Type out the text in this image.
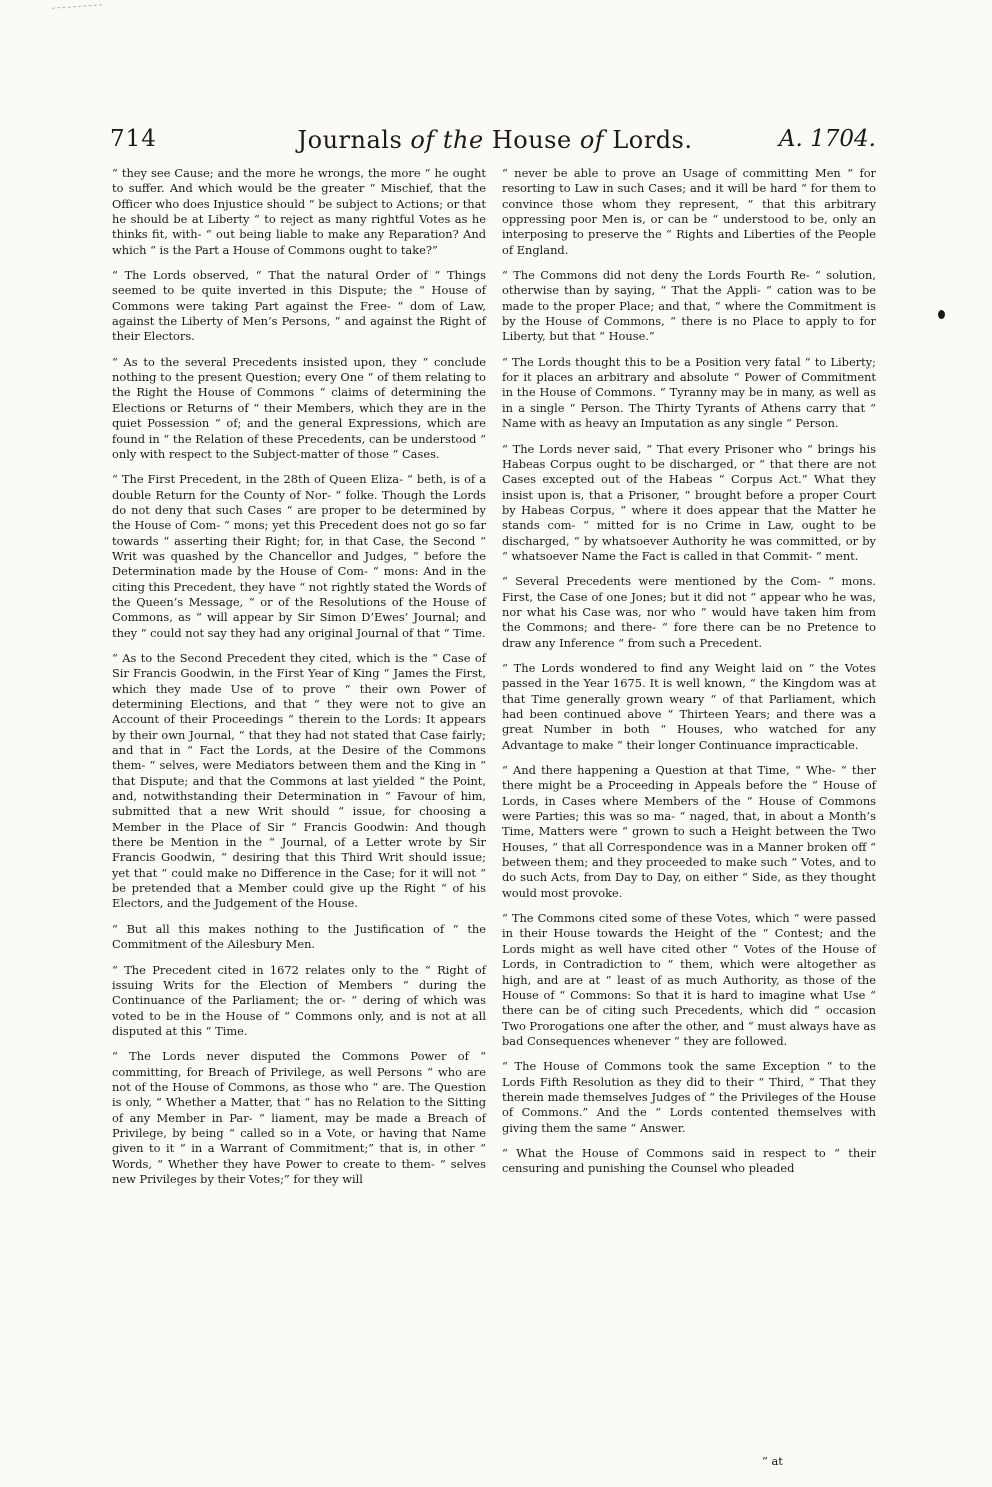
714	Journals of the House of Lords.	A. 1704.

“ they see Cause; and the more he wrongs, the more “ he ought to suffer. And which would be the greater “ Mischief, that the Officer who does Injustice should “ be subject to Actions; or that he should be at Liberty “ to reject as many rightful Votes as he thinks fit, with- “ out being liable to make any Reparation? And which “ is the Part a House of Commons ought to take?”

“ The Lords observed, “ That the natural Order of “ Things seemed to be quite inverted in this Dispute; the “ House of Commons were taking Part against the Free- “ dom of Law, against the Liberty of Men’s Persons, “ and against the Right of their Electors.

“ As to the several Precedents insisted upon, they “ conclude nothing to the present Question; every One “ of them relating to the Right the House of Commons “ claims of determining the Elections or Returns of “ their Members, which they are in the quiet Possession “ of; and the general Expressions, which are found in “ the Relation of these Precedents, can be understood “ only with respect to the Subject-matter of those “ Cases.

“ The First Precedent, in the 28th of Queen Eliza- “ beth, is of a double Return for the County of Nor- “ folke. Though the Lords do not deny that such Cases “ are proper to be determined by the House of Com- “ mons; yet this Precedent does not go so far towards “ asserting their Right; for, in that Case, the Second “ Writ was quashed by the Chancellor and Judges, “ before the Determination made by the House of Com- “ mons: And in the citing this Precedent, they have “ not rightly stated the Words of the Queen’s Message, “ or of the Resolutions of the House of Commons, as “ will appear by Sir Simon D’Ewes’ Journal; and they “ could not say they had any original Journal of that “ Time.

“ As to the Second Precedent they cited, which is the “ Case of Sir Francis Goodwin, in the First Year of King “ James the First, which they made Use of to prove “ their own Power of determining Elections, and that “ they were not to give an Account of their Proceedings “ therein to the Lords: It appears by their own Journal, “ that they had not stated that Case fairly; and that in “ Fact the Lords, at the Desire of the Commons them- “ selves, were Mediators between them and the King in “ that Dispute; and that the Commons at last yielded “ the Point, and, notwithstanding their Determination in “ Favour of him, submitted that a new Writ should “ issue, for choosing a Member in the Place of Sir “ Francis Goodwin: And though there be Mention in the “ Journal, of a Letter wrote by Sir Francis Goodwin, “ desiring that this Third Writ should issue; yet that “ could make no Difference in the Case; for it will not “ be pretended that a Member could give up the Right “ of his Electors, and the Judgement of the House.

“ But all this makes nothing to the Justification of “ the Commitment of the Ailesbury Men.

“ The Precedent cited in 1672 relates only to the “ Right of issuing Writs for the Election of Members “ during the Continuance of the Parliament; the or- “ dering of which was voted to be in the House of “ Commons only, and is not at all disputed at this “ Time.

“ The Lords never disputed the Commons Power of “ committing, for Breach of Privilege, as well Persons “ who are not of the House of Commons, as those who “ are. The Question is only, “ Whether a Matter, that “ has no Relation to the Sitting of any Member in Par- “ liament, may be made a Breach of Privilege, by being “ called so in a Vote, or having that Name given to it “ in a Warrant of Commitment;” that is, in other “ Words, “ Whether they have Power to create to them- “ selves new Privileges by their Votes;” for they will

“ never be able to prove an Usage of committing Men “ for resorting to Law in such Cases; and it will be hard “ for them to convince those whom they represent, “ that this arbitrary oppressing poor Men is, or can be “ understood to be, only an interposing to preserve the “ Rights and Liberties of the People of England.

“ The Commons did not deny the Lords Fourth Re- “ solution, otherwise than by saying, “ That the Appli- “ cation was to be made to the proper Place; and that, “ where the Commitment is by the House of Commons, “ there is no Place to apply to for Liberty, but that “ House.”

“ The Lords thought this to be a Position very fatal “ to Liberty; for it places an arbitrary and absolute “ Power of Commitment in the House of Commons. “ Tyranny may be in many, as well as in a single “ Person. The Thirty Tyrants of Athens carry that “ Name with as heavy an Imputation as any single “ Person.

“ The Lords never said, “ That every Prisoner who “ brings his Habeas Corpus ought to be discharged, or “ that there are not Cases excepted out of the Habeas “ Corpus Act.” What they insist upon is, that a Prisoner, “ brought before a proper Court by Habeas Corpus, “ where it does appear that the Matter he stands com- “ mitted for is no Crime in Law, ought to be discharged, “ by whatsoever Authority he was committed, or by “ whatsoever Name the Fact is called in that Commit- “ ment.

“ Several Precedents were mentioned by the Com- “ mons. First, the Case of one Jones; but it did not “ appear who he was, nor what his Case was, nor who “ would have taken him from the Commons; and there- “ fore there can be no Pretence to draw any Inference “ from such a Precedent.

“ The Lords wondered to find any Weight laid on “ the Votes passed in the Year 1675. It is well known, “ the Kingdom was at that Time generally grown weary “ of that Parliament, which had been continued above “ Thirteen Years; and there was a great Number in both “ Houses, who watched for any Advantage to make “ their longer Continuance impracticable.

“ And there happening a Question at that Time, “ Whe- “ ther there might be a Proceeding in Appeals before the “ House of Lords, in Cases where Members of the “ House of Commons were Parties; this was so ma- “ naged, that, in about a Month’s Time, Matters were “ grown to such a Height between the Two Houses, “ that all Correspondence was in a Manner broken off “ between them; and they proceeded to make such “ Votes, and to do such Acts, from Day to Day, on either “ Side, as they thought would most provoke.

“ The Commons cited some of these Votes, which “ were passed in their House towards the Height of the “ Contest; and the Lords might as well have cited other “ Votes of the House of Lords, in Contradiction to “ them, which were altogether as high, and are at “ least of as much Authority, as those of the House of “ Commons: So that it is hard to imagine what Use “ there can be of citing such Precedents, which did “ occasion Two Prorogations one after the other, and “ must always have as bad Consequences whenever “ they are followed.

“ The House of Commons took the same Exception “ to the Lords Fifth Resolution as they did to their “ Third, “ That they therein made themselves Judges of “ the Privileges of the House of Commons.” And the “ Lords contented themselves with giving them the same “ Answer.

“ What the House of Commons said in respect to “ their censuring and punishing the Counsel who pleaded

“ at
